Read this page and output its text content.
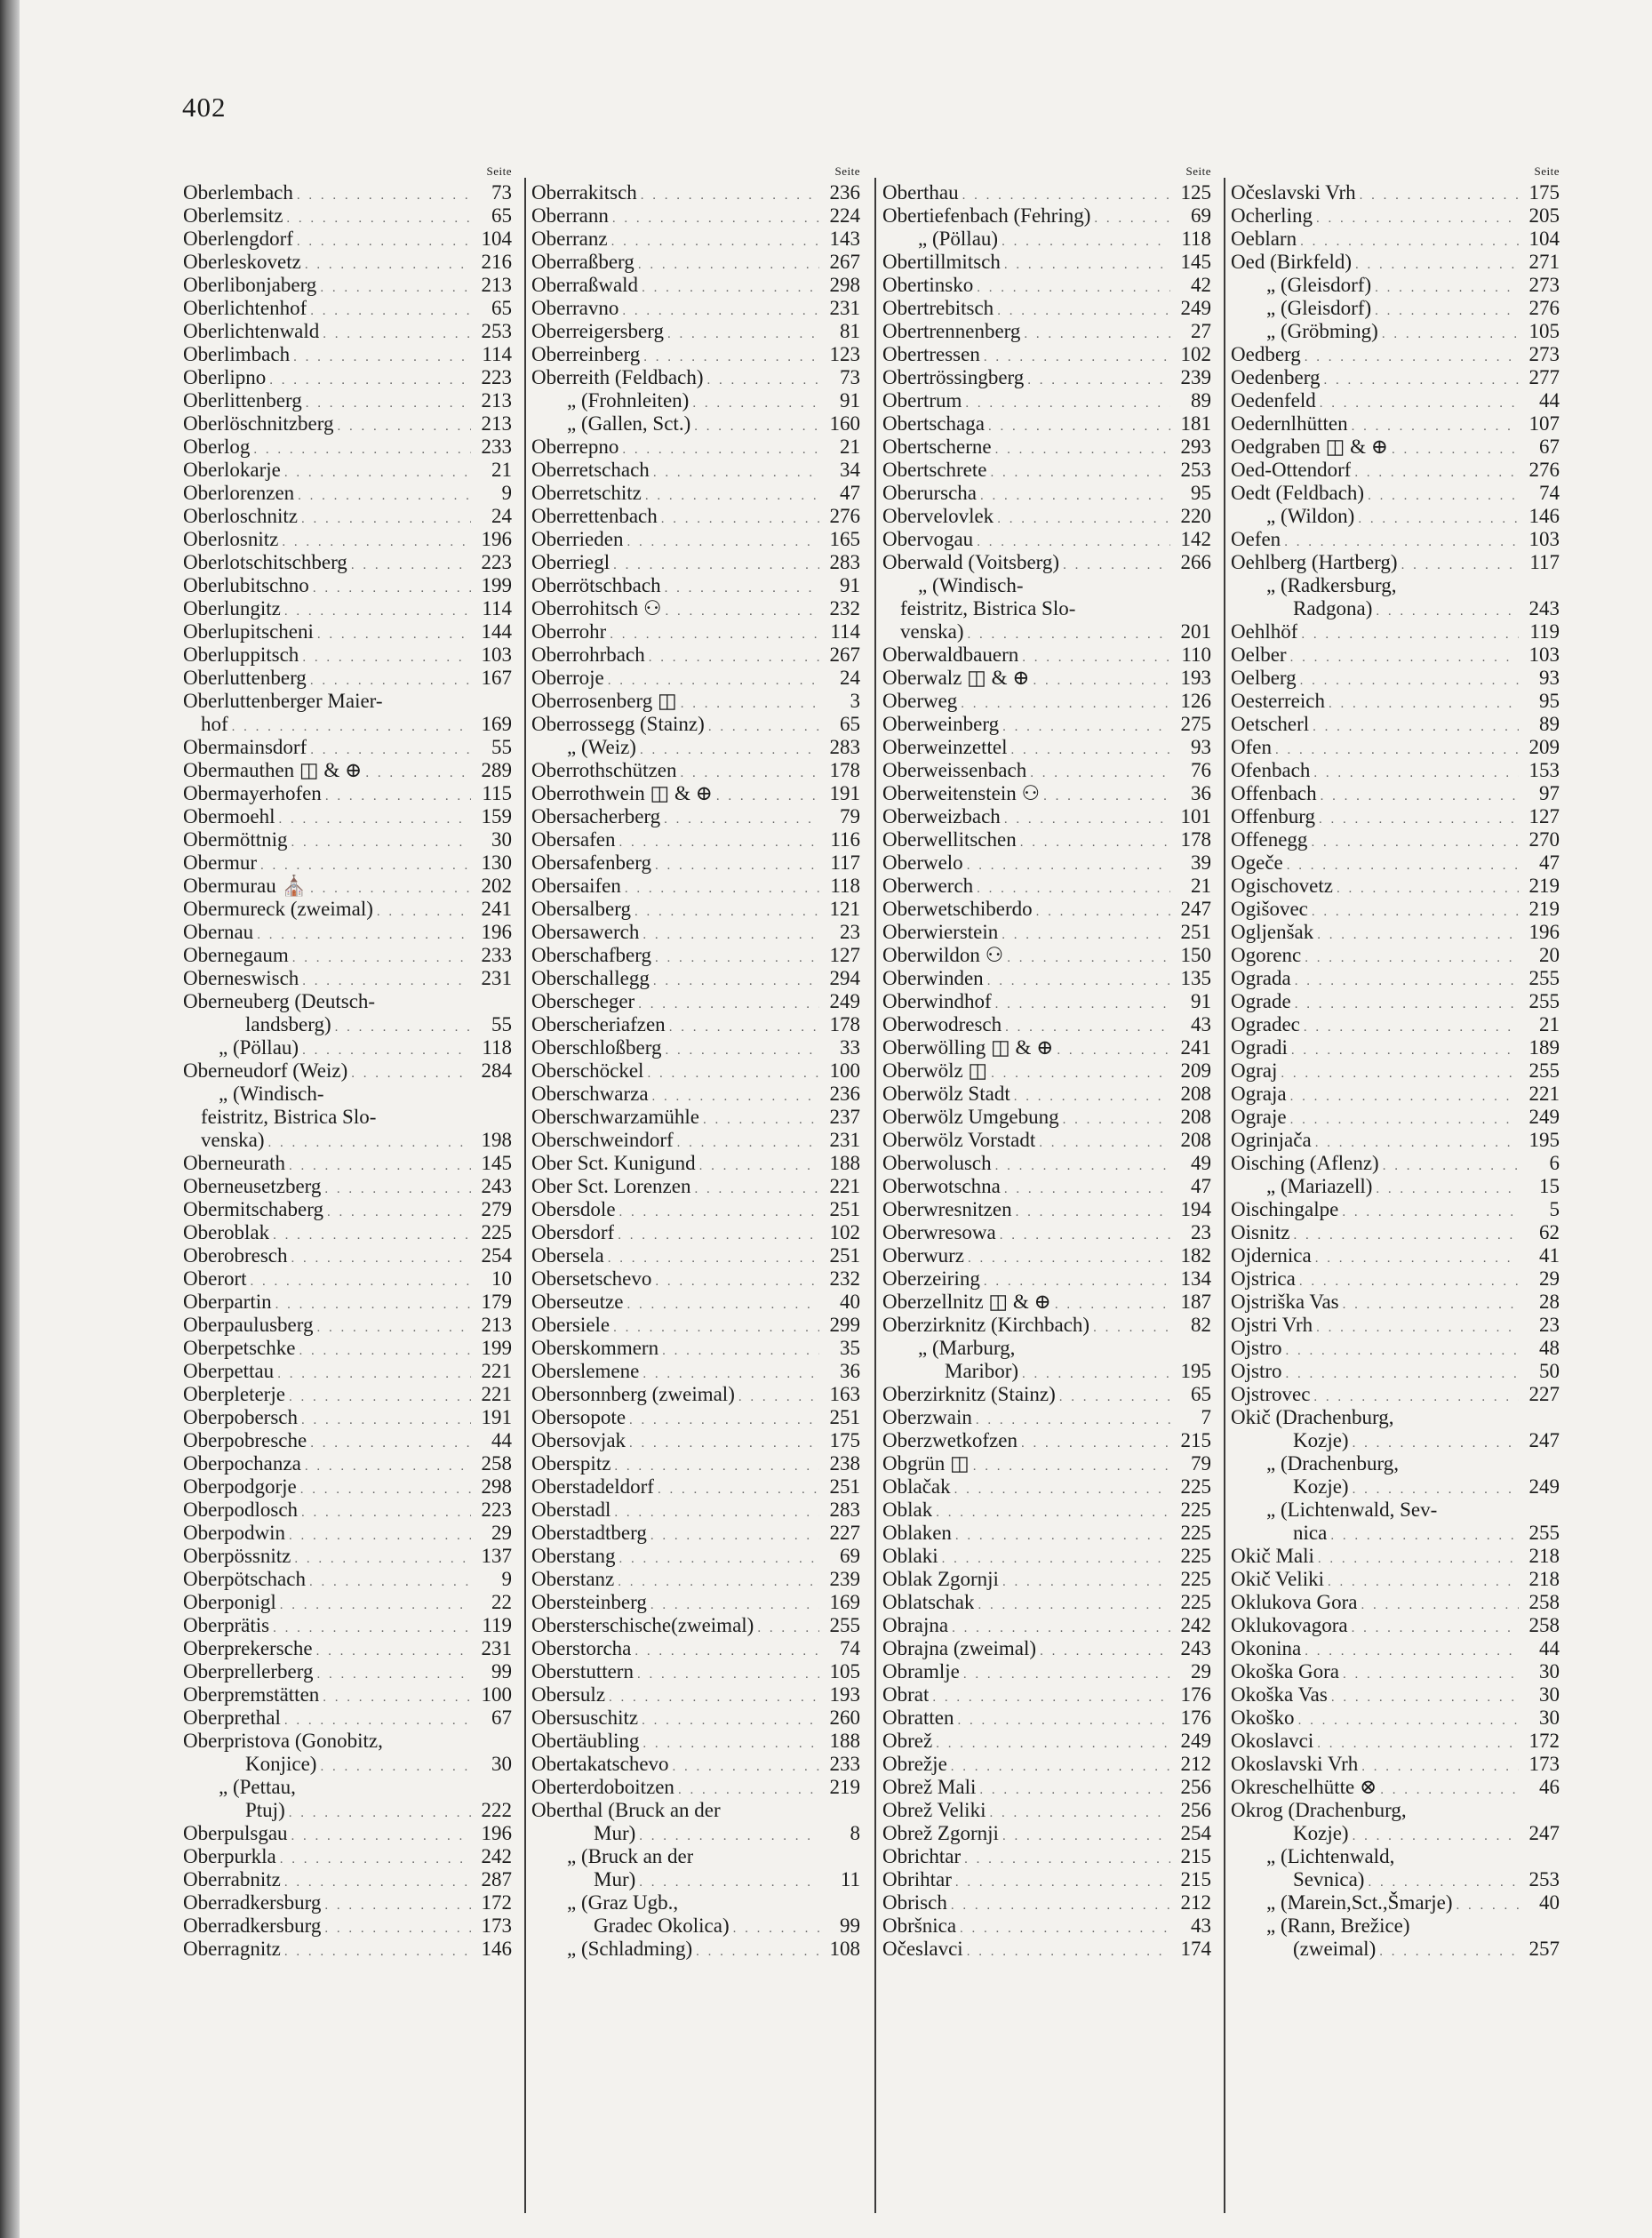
402
Seite
Oberlembach . . .	73
Oberlemsitz . . .	65
Oberlengdorf . . .	104
Oberleskovetz . . .	216
Oberlibonjaberg . . .	213
Oberlichtenhof . . .	65
Oberlichtenwald . . .	253
Oberlimbach . . .	114
Oberlipno . . .	223
Oberlittenberg . . .	213
Oberlöschnitzberg . . .	213
Oberlog . . .	233
Oberlokarje . . .	21
Oberlorenzen . . .	9
Oberloschnitz . . .	24
Oberlosnitz . . .	196
Oberlotschitschberg . . .	223
Oberlubitschno . . .	199
Oberlungitz . . .	114
Oberlupitscheni . . .	144
Oberluppitsch . . .	103
Oberluttenberg . . .	167
Oberluttenberger Maier-
hof . . .	169
Obermainsdorf . . .	55
Obermauthen ◫ & ⊕ . . .	289
Obermayerhofen . . .	115
Obermoehl . . .	159
Obermöttnig . . .	30
Obermur . . .	130
Obermurau ⛪ . . .	202
Obermureck (zweimal) . . .	241
Obernau . . .	196
Obernegaum . . .	233
Oberneswisch . . .	231
Oberneuberg (Deutsch-
landsberg) . . .	55
„ (Pöllau) . . .	118
Oberneudorf (Weiz) . . .	284
„ (Windisch-
feistritz, Bistrica Slo-
venska) . . .	198
Oberneurath . . .	145
Oberneusetzberg . . .	243
Obermitschaberg . . .	279
Oberoblak . . .	225
Oberobresch . . .	254
Oberort . . .	10
Oberpartin . . .	179
Oberpaulusberg . . .	213
Oberpetschke . . .	199
Oberpettau . . .	221
Oberpleterje . . .	221
Oberpobersch . . .	191
Oberpobresche . . .	44
Oberpochanza . . .	258
Oberpodgorje . . .	298
Oberpodlosch . . .	223
Oberpodwin . . .	29
Oberpössnitz . . .	137
Oberpötschach . . .	9
Oberponigl . . .	22
Oberprätis . . .	119
Oberprekersche . . .	231
Oberprellerberg . . .	99
Oberpremstätten . . .	100
Oberprethal . . .	67
Oberpristova (Gonobitz,
Konjice) . . .	30
„ (Pettau,
Ptuj) . . .	222
Oberpulsgau . . .	196
Oberpurkla . . .	242
Oberrabnitz . . .	287
Oberradkersburg . . .	172
Oberradkersburg . . .	173
Oberragnitz . . .	146
Seite
Oberrakitsch . . .	236
Oberrann . . .	224
Oberranz . . .	143
Oberraßberg . . .	267
Oberraßwald . . .	298
Oberravno . . .	231
Oberreigersberg . . .	81
Oberreinberg . . .	123
Oberreith (Feldbach) . . .	73
„ (Frohnleiten) . . .	91
„ (Gallen, Sct.) . . .	160
Oberrepno . . .	21
Oberretschach . . .	34
Oberretschitz . . .	47
Oberrettenbach . . .	276
Oberrieden . . .	165
Oberriegl . . .	283
Oberrötschbach . . .	91
Oberrohitsch ⚇ . . .	232
Oberrohr . . .	114
Oberrohrbach . . .	267
Oberroje . . .	24
Oberrosenberg ◫ . . .	3
Oberrossegg (Stainz) . . .	65
„ (Weiz) . . .	283
Oberrothschützen . . .	178
Oberrothwein ◫ & ⊕ . . .	191
Obersacherberg . . .	79
Obersafen . . .	116
Obersafenberg . . .	117
Obersaifen . . .	118
Obersalberg . . .	121
Obersawerch . . .	23
Oberschafberg . . .	127
Oberschallegg . . .	294
Oberscheger . . .	249
Oberscheriafzen . . .	178
Oberschloßberg . . .	33
Oberschöckel . . .	100
Oberschwarza . . .	236
Oberschwarzamühle . . .	237
Oberschweindorf . . .	231
Ober Sct. Kunigund . . .	188
Ober Sct. Lorenzen . . .	221
Obersdole . . .	251
Obersdorf . . .	102
Obersela . . .	251
Obersetschevo . . .	232
Oberseutze . . .	40
Obersiele . . .	299
Oberskommern . . .	35
Oberslemene . . .	36
Obersonnberg (zweimal) . . .	163
Obersopote . . .	251
Obersovjak . . .	175
Oberspitz . . .	238
Oberstadeldorf . . .	251
Oberstadl . . .	283
Oberstadtberg . . .	227
Oberstang . . .	69
Oberstanz . . .	239
Obersteinberg . . .	169
Obersterschische(zweimal) . . .	255
Oberstorcha . . .	74
Oberstuttern . . .	105
Obersulz . . .	193
Obersuschitz . . .	260
Obertäubling . . .	188
Obertakatschevo . . .	233
Oberterdoboitzen . . .	219
Oberthal (Bruck an der
Mur) . . .	8
„ (Bruck an der
Mur) . . .	11
„ (Graz Ugb.,
Gradec Okolica) . . .	99
„ (Schladming) . . .	108
Seite
Oberthau . . .	125
Obertiefenbach (Fehring) . . .	69
„ (Pöllau) . . .	118
Obertillmitsch . . .	145
Obertinsko . . .	42
Obertrebitsch . . .	249
Obertrennenberg . . .	27
Obertressen . . .	102
Obertrössingberg . . .	239
Obertrum . . .	89
Obertschaga . . .	181
Obertscherne . . .	293
Obertschrete . . .	253
Oberurscha . . .	95
Obervelovlek . . .	220
Obervogau . . .	142
Oberwald (Voitsberg) . . .	266
„ (Windisch-
feistritz, Bistrica Slo-
venska) . . .	201
Oberwaldbauern . . .	110
Oberwalz ◫ & ⊕ . . .	193
Oberweg . . .	126
Oberweinberg . . .	275
Oberweinzettel . . .	93
Oberweissenbach . . .	76
Oberweitenstein ⚇ . . .	36
Oberweizbach . . .	101
Oberwellitschen . . .	178
Oberwelo . . .	39
Oberwerch . . .	21
Oberwetschiberdo . . .	247
Oberwierstein . . .	251
Oberwildon ⚇ . . .	150
Oberwinden . . .	135
Oberwindhof . . .	91
Oberwodresch . . .	43
Oberwölling ◫ & ⊕ . . .	241
Oberwölz ◫ . . .	209
Oberwölz Stadt . . .	208
Oberwölz Umgebung . . .	208
Oberwölz Vorstadt . . .	208
Oberwolusch . . .	49
Oberwotschna . . .	47
Oberwresnitzen . . .	194
Oberwresowa . . .	23
Oberwurz . . .	182
Oberzeiring . . .	134
Oberzellnitz ◫ & ⊕ . . .	187
Oberzirknitz (Kirchbach) . . .	82
„ (Marburg,
Maribor) . . .	195
Oberzirknitz (Stainz) . . .	65
Oberzwain . . .	7
Oberzwetkofzen . . .	215
Obgrün ◫ . . .	79
Oblačak . . .	225
Oblak . . .	225
Oblaken . . .	225
Oblaki . . .	225
Oblak Zgornji . . .	225
Oblatschak . . .	225
Obrajna . . .	242
Obrajna (zweimal) . . .	243
Obramlje . . .	29
Obrat . . .	176
Obratten . . .	176
Obrež . . .	249
Obrežje . . .	212
Obrež Mali . . .	256
Obrež Veliki . . .	256
Obrež Zgornji . . .	254
Obrichtar . . .	215
Obrihtar . . .	215
Obrisch . . .	212
Obršnica . . .	43
Očeslavci . . .	174
Seite
Očeslavski Vrh . . .	175
Ocherling . . .	205
Oeblarn . . .	104
Oed (Birkfeld) . . .	271
„ (Gleisdorf) . . .	273
„ (Gleisdorf) . . .	276
„ (Gröbming) . . .	105
Oedberg . . .	273
Oedenberg . . .	277
Oedenfeld . . .	44
Oedernlhütten . . .	107
Oedgraben ◫ & ⊕ . . .	67
Oed-Ottendorf . . .	276
Oedt (Feldbach) . . .	74
„ (Wildon) . . .	146
Oefen . . .	103
Oehlberg (Hartberg) . . .	117
„ (Radkersburg,
Radgona) . . .	243
Oehlhöf . . .	119
Oelber . . .	103
Oelberg . . .	93
Oesterreich . . .	95
Oetscherl . . .	89
Ofen . . .	209
Ofenbach . . .	153
Offenbach . . .	97
Offenburg . . .	127
Offenegg . . .	270
Ogeče . . .	47
Ogischovetz . . .	219
Ogišovec . . .	219
Ogljenšak . . .	196
Ogorenc . . .	20
Ograda . . .	255
Ograde . . .	255
Ogradec . . .	21
Ogradi . . .	189
Ograj . . .	255
Ograja . . .	221
Ograje . . .	249
Ogrinjača . . .	195
Oisching (Aflenz) . . .	6
„ (Mariazell) . . .	15
Oischingalpe . . .	5
Oisnitz . . .	62
Ojdernica . . .	41
Ojstrica . . .	29
Ojstriška Vas . . .	28
Ojstri Vrh . . .	23
Ojstro . . .	48
Ojstro . . .	50
Ojstrovec . . .	227
Okič (Drachenburg,
Kozje) . . .	247
„ (Drachenburg,
Kozje) . . .	249
„ (Lichtenwald, Sev-
nica . . .	255
Okič Mali . . .	218
Okič Veliki . . .	218
Oklukova Gora . . .	258
Oklukovagora . . .	258
Okonina . . .	44
Okoška Gora . . .	30
Okoška Vas . . .	30
Okoško . . .	30
Okoslavci . . .	172
Okoslavski Vrh . . .	173
Okreschelhütte ⊗ . . .	46
Okrog (Drachenburg,
Kozje) . . .	247
„ (Lichtenwald,
Sevnica) . . .	253
„ (Marein,Sct.,Šmarje) . . .	40
„ (Rann, Brežice)
(zweimal) . . .	257
